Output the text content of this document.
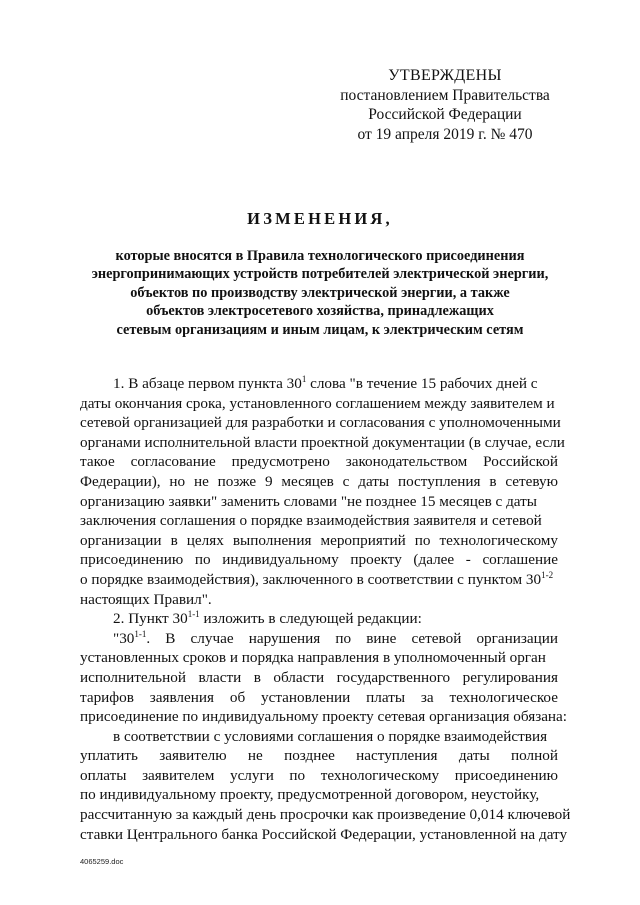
УТВЕРЖДЕНЫ
постановлением Правительства
Российской Федерации
от 19 апреля 2019 г. № 470
ИЗМЕНЕНИЯ,
которые вносятся в Правила технологического присоединения
энергопринимающих устройств потребителей электрической энергии,
объектов по производству электрической энергии, а также
объектов электросетевого хозяйства, принадлежащих
сетевым организациям и иным лицам, к электрическим сетям
1. В абзаце первом пункта $30^1$ слова "в течение 15 рабочих дней с
даты окончания срока, установленного соглашением между заявителем и
сетевой организацией для разработки и согласования с уполномоченными
органами исполнительной власти проектной документации (в случае, если
такое согласование предусмотрено законодательством Российской
Федерации), но не позже 9 месяцев с даты поступления в сетевую
организацию заявки" заменить словами "не позднее 15 месяцев с даты
заключения соглашения о порядке взаимодействия заявителя и сетевой
организации в целях выполнения мероприятий по технологическому
присоединению по индивидуальному проекту (далее - соглашение
о порядке взаимодействия), заключенного в соответствии с пунктом 30$^{1-2}$
настоящих Правил".
2. Пункт 30$^{1-1}$ изложить в следующей редакции:
"30$^{1-1}$ . В случае нарушения по вине сетевой организации
установленных сроков и порядка направления в уполномоченный орган
исполнительной власти в области государственного регулирования
тарифов заявления об установлении платы за технологическое
присоединение по индивидуальному проекту сетевая организация обязана:
в соответствии с условиями соглашения о порядке взаимодействия
уплатить заявителю не позднее наступления даты полной
оплаты заявителем услуги по технологическому присоединению
по индивидуальному проекту, предусмотренной договором, неустойку,
рассчитанную за каждый день просрочки как произведение 0,014 ключевой
ставки Центрального банка Российской Федерации, установленной на дату
4065259.doc
